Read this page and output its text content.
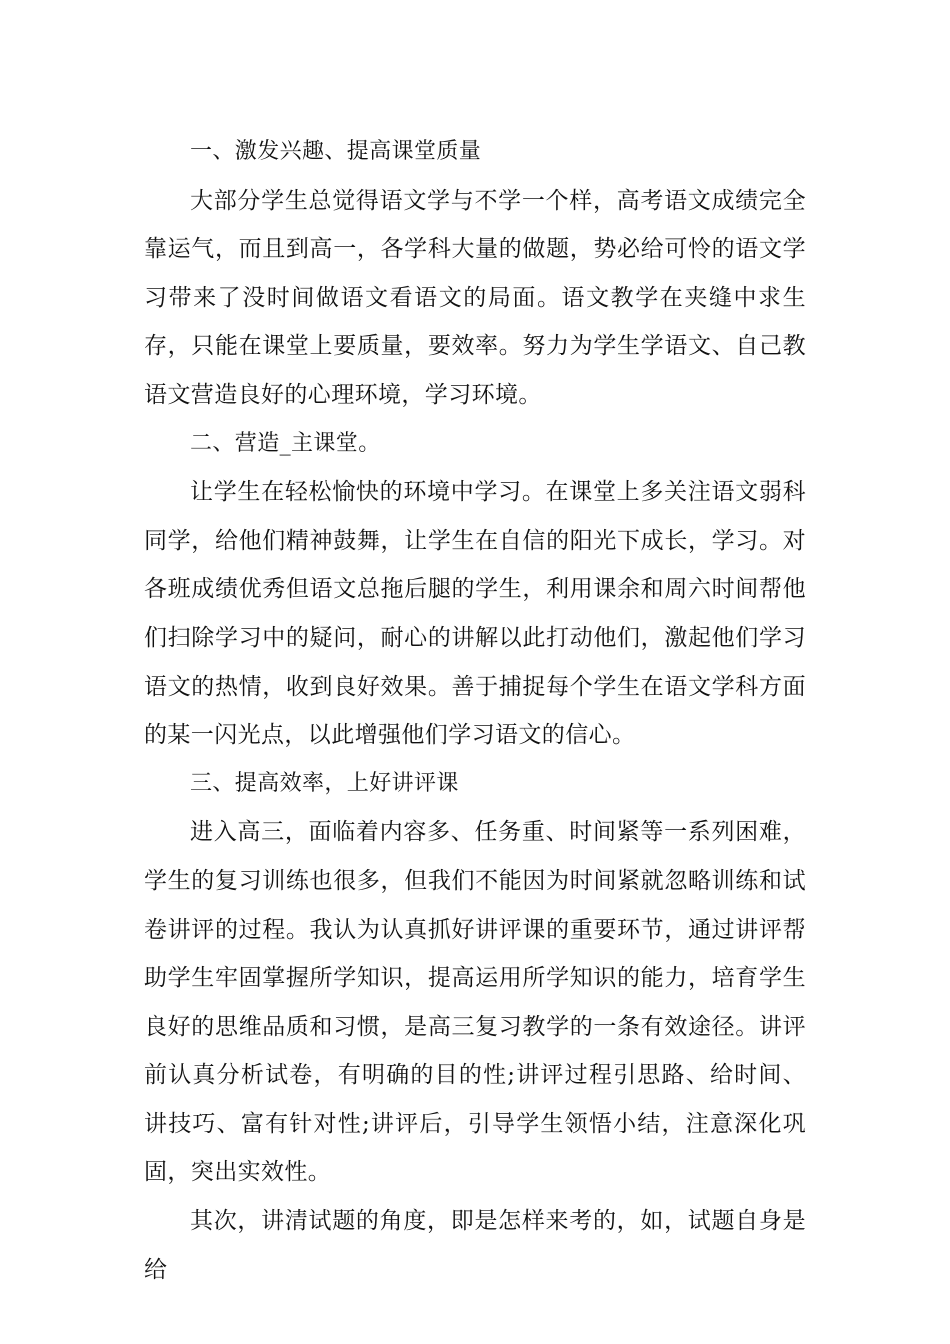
一、激发兴趣、提高课堂质量

大部分学生总觉得语文学与不学一个样，高考语文成绩完全靠运气，而且到高一，各学科大量的做题，势必给可怜的语文学习带来了没时间做语文看语文的局面。语文教学在夹缝中求生存，只能在课堂上要质量，要效率。努力为学生学语文、自己教语文营造良好的心理环境，学习环境。

二、营造_主课堂。

让学生在轻松愉快的环境中学习。在课堂上多关注语文弱科同学，给他们精神鼓舞，让学生在自信的阳光下成长，学习。对各班成绩优秀但语文总拖后腿的学生，利用课余和周六时间帮他们扫除学习中的疑问，耐心的讲解以此打动他们，激起他们学习语文的热情，收到良好效果。善于捕捉每个学生在语文学科方面的某一闪光点，以此增强他们学习语文的信心。

三、提高效率，上好讲评课

进入高三，面临着内容多、任务重、时间紧等一系列困难，学生的复习训练也很多，但我们不能因为时间紧就忽略训练和试卷讲评的过程。我认为认真抓好讲评课的重要环节，通过讲评帮助学生牢固掌握所学知识，提高运用所学知识的能力，培育学生良好的思维品质和习惯，是高三复习教学的一条有效途径。讲评前认真分析试卷，有明确的目的性;讲评过程引思路、给时间、讲技巧、富有针对性;讲评后，引导学生领悟小结，注意深化巩固，突出实效性。

其次，讲清试题的角度，即是怎样来考的，如，试题自身是给
